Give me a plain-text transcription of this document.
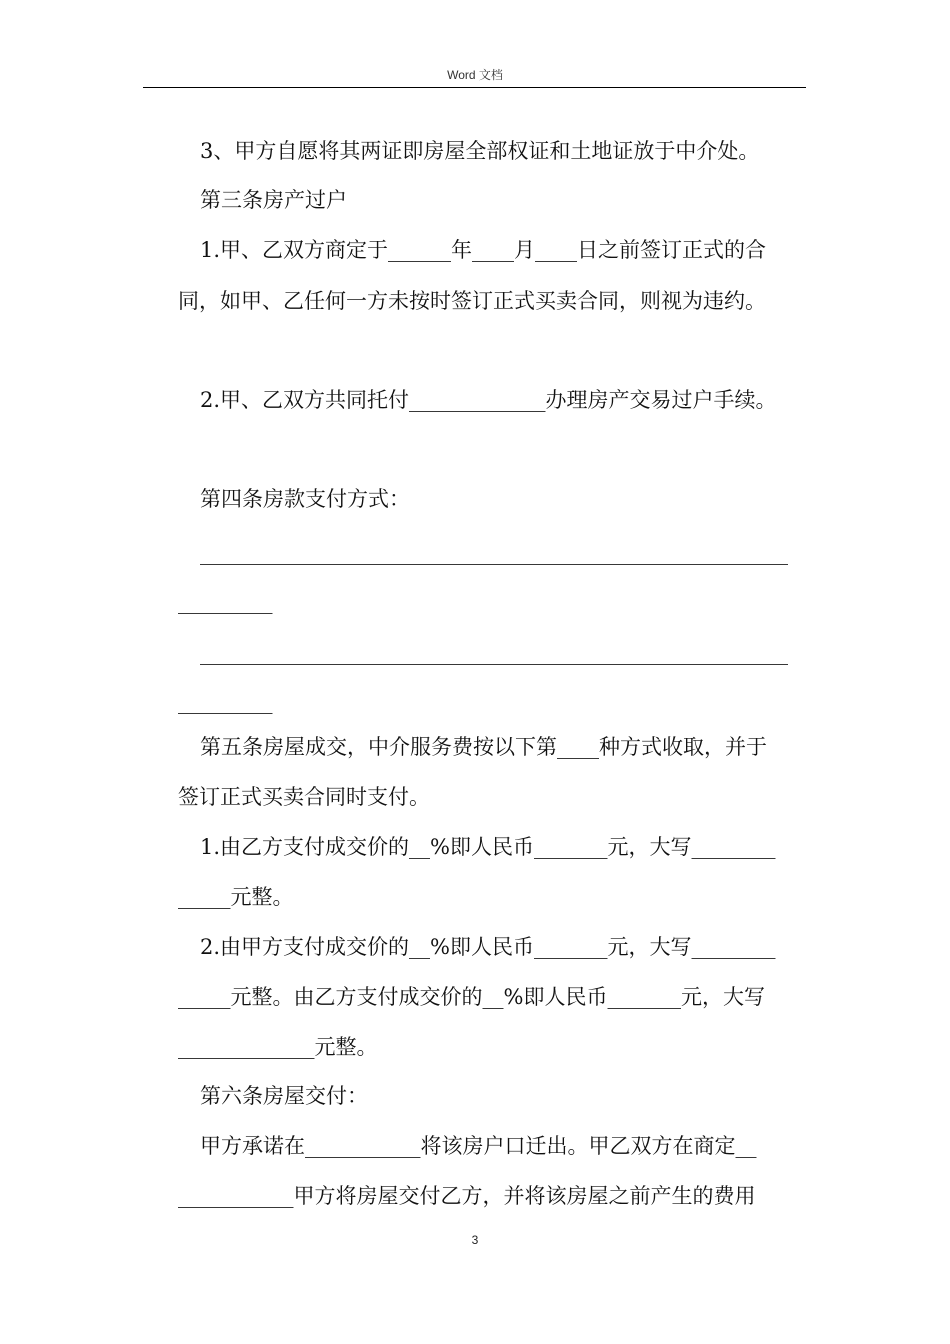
Word 文档
3、甲方自愿将其两证即房屋全部权证和土地证放于中介处。
第三条房产过户
1.甲、乙双方商定于______年____月____日之前签订正式的合
同，如甲、乙任何一方未按时签订正式买卖合同，则视为违约。
2.甲、乙双方共同托付_____________办理房产交易过户手续。
第四条房款支付方式：
________________________________________________________
_________
________________________________________________________
_________
第五条房屋成交，中介服务费按以下第____种方式收取，并于
签订正式买卖合同时支付。
1.由乙方支付成交价的__%即人民币_______元，大写________
_____元整。
2.由甲方支付成交价的__%即人民币_______元，大写________
_____元整。由乙方支付成交价的__%即人民币_______元，大写
_____________元整。
第六条房屋交付：
甲方承诺在___________将该房户口迁出。甲乙双方在商定__
___________甲方将房屋交付乙方，并将该房屋之前产生的费用
3
